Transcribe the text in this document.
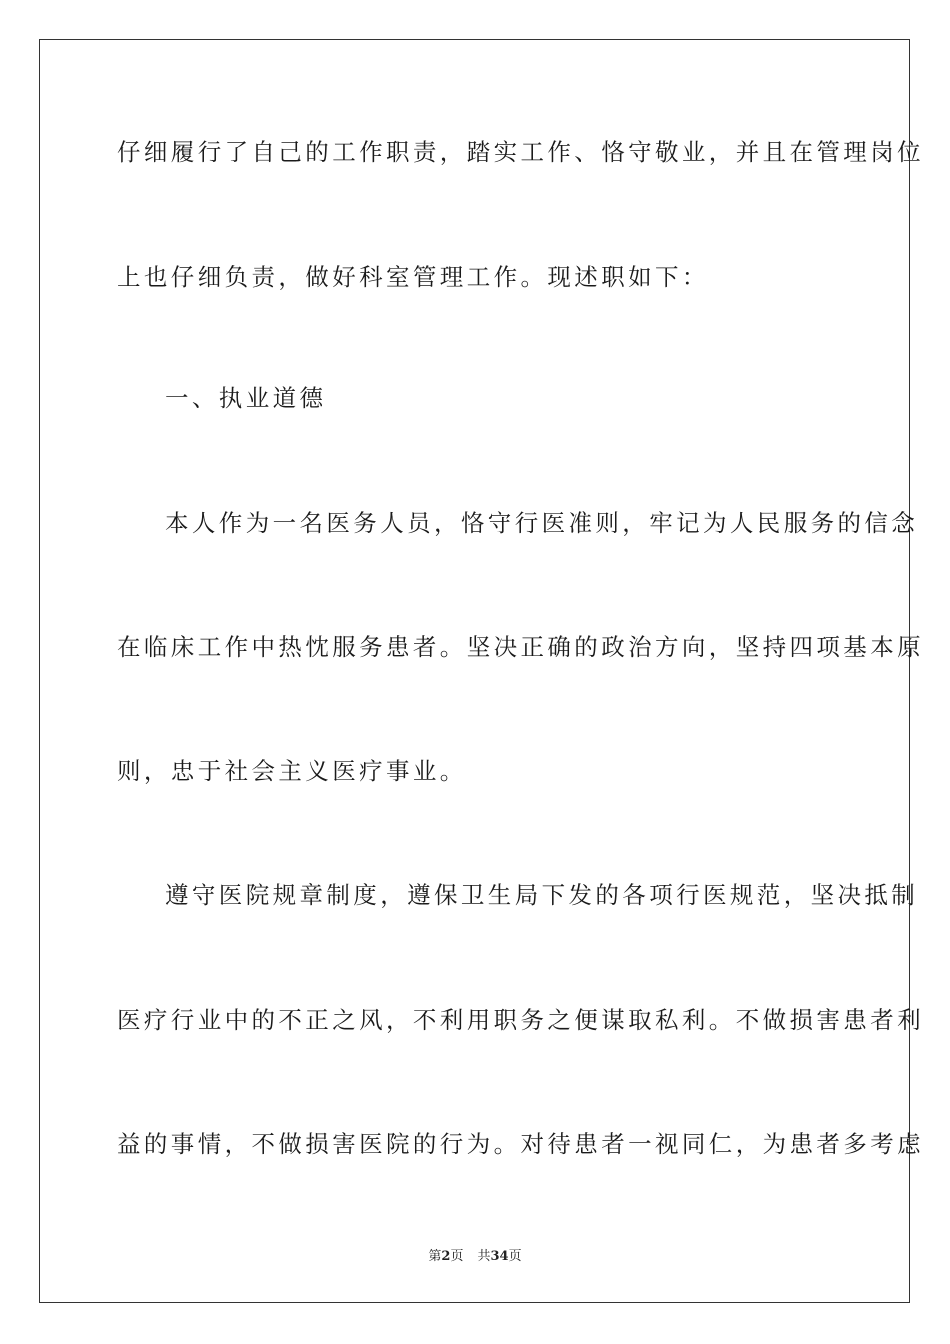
仔细履行了自己的工作职责，踏实工作、恪守敬业，并且在管理岗位
上也仔细负责，做好科室管理工作。现述职如下：
一、执业道德
本人作为一名医务人员，恪守行医准则，牢记为人民服务的信念
在临床工作中热忱服务患者。坚决正确的政治方向，坚持四项基本原
则，忠于社会主义医疗事业。
遵守医院规章制度，遵保卫生局下发的各项行医规范，坚决抵制
医疗行业中的不正之风，不利用职务之便谋取私利。不做损害患者利
益的事情，不做损害医院的行为。对待患者一视同仁，为患者多考虑
第2页 共34页
